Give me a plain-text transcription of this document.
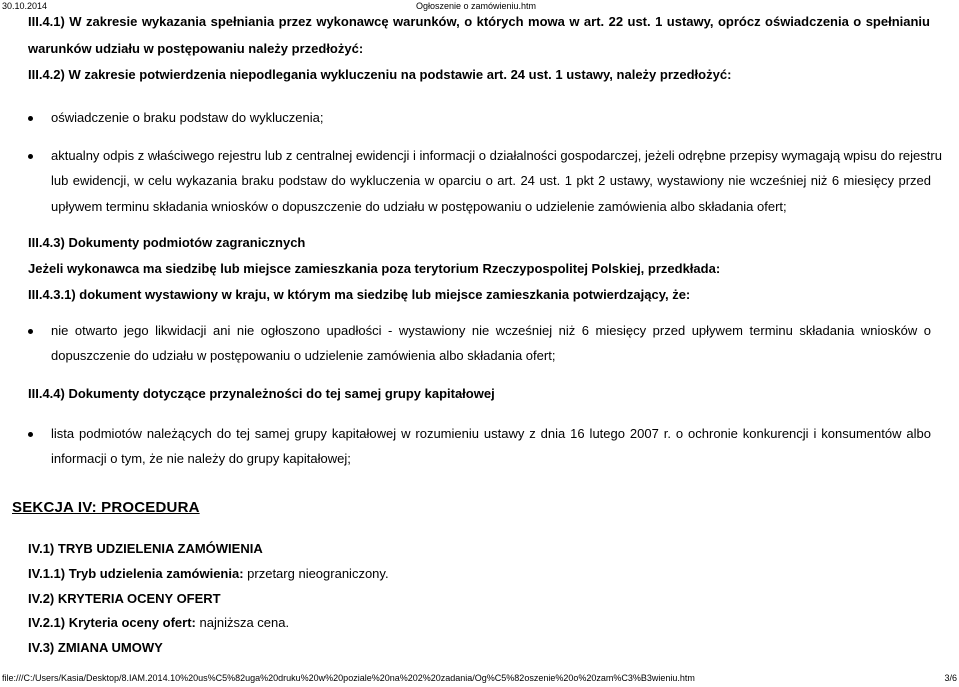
30.10.2014	Ogłoszenie o zamówieniu.htm
III.4.1) W zakresie wykazania spełniania przez wykonawcę warunków, o których mowa w art. 22 ust. 1 ustawy, oprócz oświadczenia o spełnianiu
warunków udziału w postępowaniu należy przedłożyć:
III.4.2) W zakresie potwierdzenia niepodlegania wykluczeniu na podstawie art. 24 ust. 1 ustawy, należy przedłożyć:
oświadczenie o braku podstaw do wykluczenia;
aktualny odpis z właściwego rejestru lub z centralnej ewidencji i informacji o działalności gospodarczej, jeżeli odrębne przepisy wymagają wpisu do rejestru
lub ewidencji, w celu wykazania braku podstaw do wykluczenia w oparciu o art. 24 ust. 1 pkt 2 ustawy, wystawiony nie wcześniej niż 6 miesięcy przed
upływem terminu składania wniosków o dopuszczenie do udziału w postępowaniu o udzielenie zamówienia albo składania ofert;
III.4.3) Dokumenty podmiotów zagranicznych
Jeżeli wykonawca ma siedzibę lub miejsce zamieszkania poza terytorium Rzeczypospolitej Polskiej, przedkłada:
III.4.3.1) dokument wystawiony w kraju, w którym ma siedzibę lub miejsce zamieszkania potwierdzający, że:
nie otwarto jego likwidacji ani nie ogłoszono upadłości - wystawiony nie wcześniej niż 6 miesięcy przed upływem terminu składania wniosków o
dopuszczenie do udziału w postępowaniu o udzielenie zamówienia albo składania ofert;
III.4.4) Dokumenty dotyczące przynależności do tej samej grupy kapitałowej
lista podmiotów należących do tej samej grupy kapitałowej w rozumieniu ustawy z dnia 16 lutego 2007 r. o ochronie konkurencji i konsumentów albo
informacji o tym, że nie należy do grupy kapitałowej;
SEKCJA IV: PROCEDURA
IV.1) TRYB UDZIELENIA ZAMÓWIENIA
IV.1.1) Tryb udzielenia zamówienia: przetarg nieograniczony.
IV.2) KRYTERIA OCENY OFERT
IV.2.1) Kryteria oceny ofert: najniższa cena.
IV.3) ZMIANA UMOWY
file:///C:/Users/Kasia/Desktop/8.IAM.2014.10%20us%C5%82uga%20druku%20w%20poziale%20na%202%20zadania/Og%C5%82oszenie%20o%20zam%C3%B3wieniu.htm	3/6
